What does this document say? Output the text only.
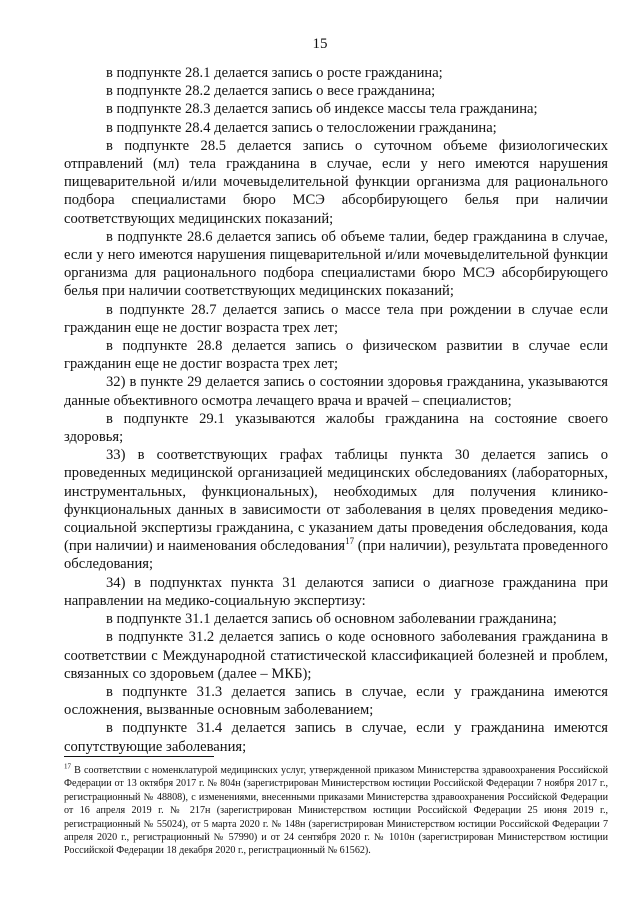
15

в подпункте 28.1 делается запись о росте гражданина;

в подпункте 28.2 делается запись о весе гражданина;

в подпункте 28.3 делается запись об индексе массы тела гражданина;

в подпункте 28.4 делается запись о телосложении гражданина;

в подпункте 28.5 делается запись о суточном объеме физиологических отправлений (мл) тела гражданина в случае, если у него имеются нарушения пищеварительной и/или мочевыделительной функции организма для рационального подбора специалистами бюро МСЭ абсорбирующего белья при наличии соответствующих медицинских показаний;

в подпункте 28.6 делается запись об объеме талии, бедер гражданина в случае, если у него имеются нарушения пищеварительной и/или мочевыделительной функции организма для рационального подбора специалистами бюро МСЭ абсорбирующего белья при наличии соответствующих медицинских показаний;

в подпункте 28.7 делается запись о массе тела при рождении в случае если гражданин еще не достиг возраста трех лет;

в подпункте 28.8 делается запись о физическом развитии в случае если гражданин еще не достиг возраста трех лет;

32) в пункте 29 делается запись о состоянии здоровья гражданина, указываются данные объективного осмотра лечащего врача и врачей – специалистов;

в подпункте 29.1 указываются жалобы гражданина на состояние своего здоровья;

33) в соответствующих графах таблицы пункта 30 делается запись о проведенных медицинской организацией медицинских обследованиях (лабораторных, инструментальных, функциональных), необходимых для получения клинико-функциональных данных в зависимости от заболевания в целях проведения медико-социальной экспертизы гражданина, с указанием даты проведения обследования, кода (при наличии) и наименования обследования$^{17}$ (при наличии), результата проведенного обследования;

34) в подпунктах пункта 31 делаются записи о диагнозе гражданина при направлении на медико-социальную экспертизу:

в подпункте 31.1 делается запись об основном заболевании гражданина;

в подпункте 31.2 делается запись о коде основного заболевания гражданина в соответствии с Международной статистической классификацией болезней и проблем, связанных со здоровьем (далее – МКБ);

в подпункте 31.3 делается запись в случае, если у гражданина имеются осложнения, вызванные основным заболеванием;

в подпункте 31.4 делается запись в случае, если у гражданина имеются сопутствующие заболевания;

$^{17}$ В соответствии с номенклатурой медицинских услуг, утвержденной приказом Министерства здравоохранения Российской Федерации от 13 октября 2017 г. № 804н (зарегистрирован Министерством юстиции Российской Федерации 7 ноября 2017 г., регистрационный № 48808), с изменениями, внесенными приказами Министерства здравоохранения Российской Федерации от 16 апреля 2019 г. № 217н (зарегистрирован Министерством юстиции Российской Федерации 25 июня 2019 г., регистрационный № 55024), от 5 марта 2020 г. № 148н (зарегистрирован Министерством юстиции Российской Федерации 7 апреля 2020 г., регистрационный № 57990) и от 24 сентября 2020 г. № 1010н (зарегистрирован Министерством юстиции Российской Федерации 18 декабря 2020 г., регистрационный № 61562).
